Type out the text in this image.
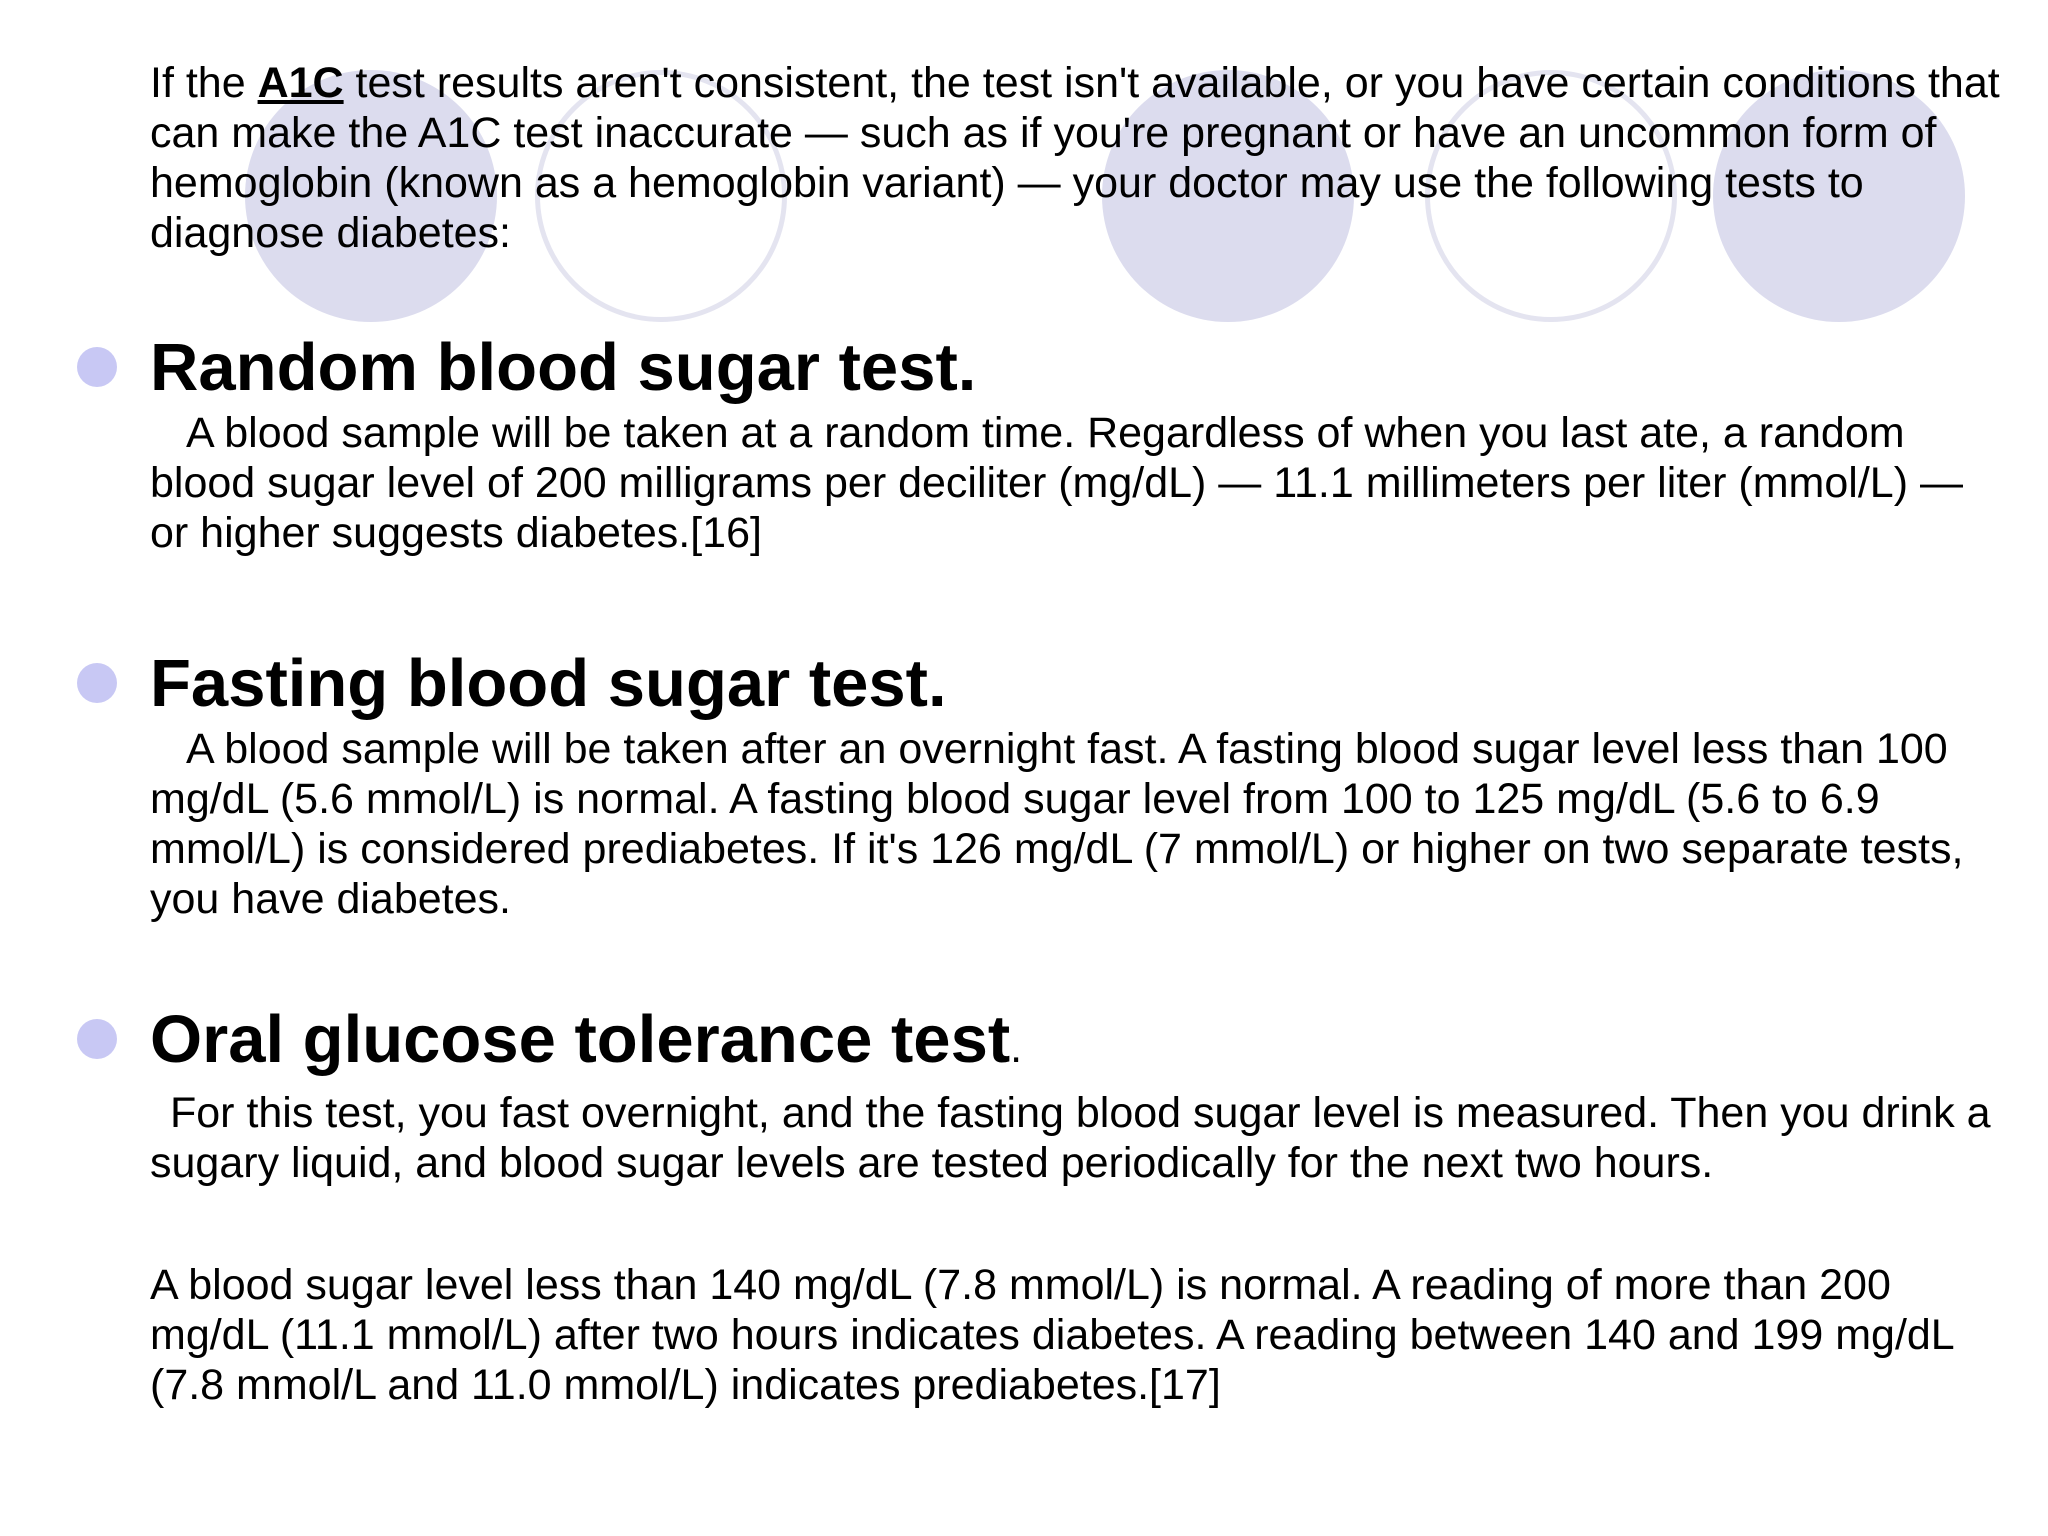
If the A1C test results aren't consistent, the test isn't available, or you have certain conditions that can make the A1C test inaccurate — such as if you're pregnant or have an uncommon form of hemoglobin (known as a hemoglobin variant) — your doctor may use the following tests to diagnose diabetes:

Random blood sugar test.

A blood sample will be taken at a random time. Regardless of when you last ate, a random blood sugar level of 200 milligrams per deciliter (mg/dL) — 11.1 millimeters per liter (mmol/L) — or higher suggests diabetes.[16]

Fasting blood sugar test.

A blood sample will be taken after an overnight fast. A fasting blood sugar level less than 100 mg/dL (5.6 mmol/L) is normal. A fasting blood sugar level from 100 to 125 mg/dL (5.6 to 6.9 mmol/L) is considered prediabetes. If it's 126 mg/dL (7 mmol/L) or higher on two separate tests, you have diabetes.

Oral glucose tolerance test.

For this test, you fast overnight, and the fasting blood sugar level is measured. Then you drink a sugary liquid, and blood sugar levels are tested periodically for the next two hours.

A blood sugar level less than 140 mg/dL (7.8 mmol/L) is normal. A reading of more than 200 mg/dL (11.1 mmol/L) after two hours indicates diabetes. A reading between 140 and 199 mg/dL (7.8 mmol/L and 11.0 mmol/L) indicates prediabetes.[17]
